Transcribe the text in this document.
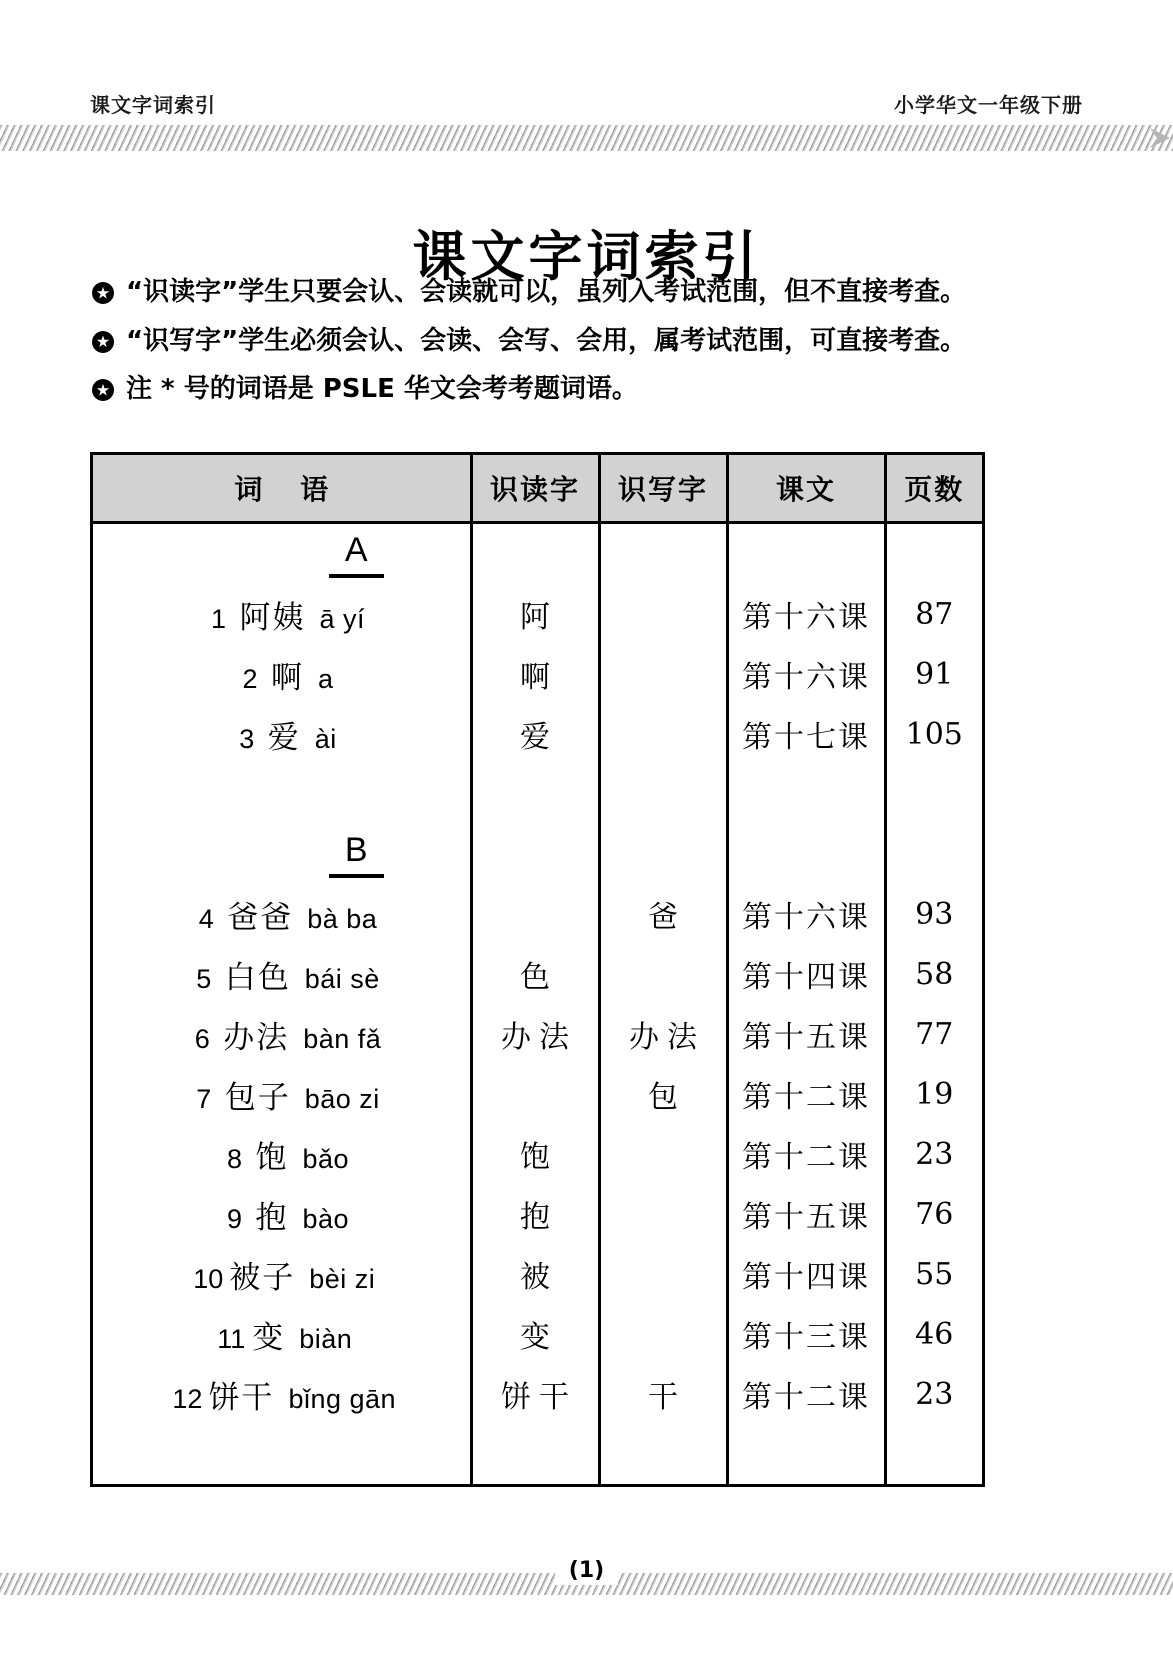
课文字词索引	小学华文一年级下册
课文字词索引
“识读字”学生只要会认、会读就可以，虽列入考试范围，但不直接考查。
“识写字”学生必须会认、会读、会写、会用，属考试范围，可直接考查。
注 * 号的词语是 PSLE 华文会考考题词语。
词 语	识读字	识写字	课文	页数
A				
1 阿姨 ā yí	阿		第十六课	87
2 啊 a	啊		第十六课	91
3 爱 ài	爱		第十七课	105

B				
4 爸爸 bà ba		爸	第十六课	93
5 白色 bái sè	色		第十四课	58
6 办法 bàn fǎ	办法	办法	第十五课	77
7 包子 bāo zi		包	第十二课	19
8 饱 bǎo	饱		第十二课	23
9 抱 bào	抱		第十五课	76
10 被子 bèi zi	被		第十四课	55
11 变 biàn	变		第十三课	46
12 饼干 bǐng gān	饼干	干	第十二课	23

(1)
